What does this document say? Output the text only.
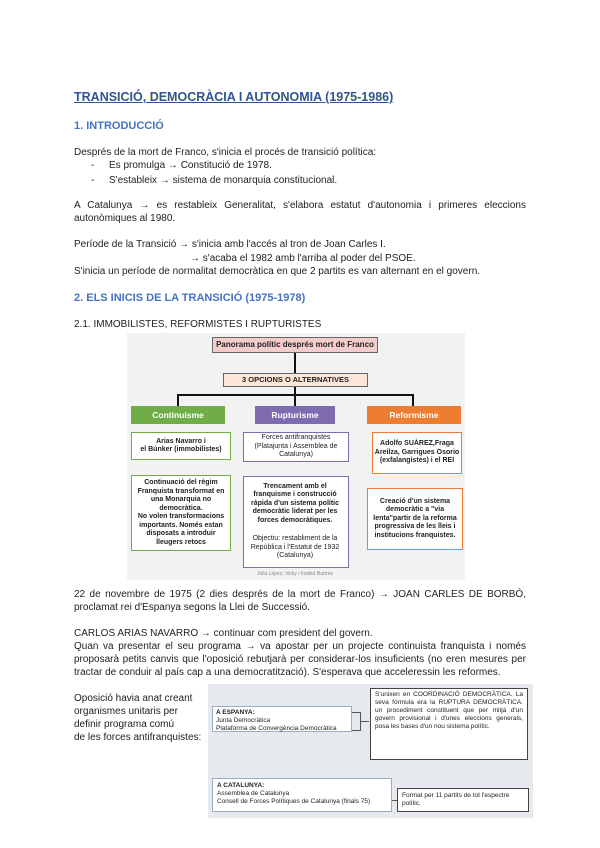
TRANSICIÓ, DEMOCRÀCIA I AUTONOMIA (1975-1986)
1. INTRODUCCIÓ
Després de la mort de Franco, s'inicia el procés de transició política:
- Es promulga → Constitució de 1978.
- S'estableix → sistema de monarquia constitucional.
A Catalunya → es restableix Generalitat, s'elabora estatut d'autonomia i primeres eleccions autonòmiques al 1980.
Període de la Transició → s'inicia amb l'accés al tron de Joan Carles I.
→ s'acaba el 1982 amb l'arriba al poder del PSOE.
S'inicia un període de normalitat democràtica en que 2 partits es van alternant en el govern.
2. ELS INICIS DE LA TRANSICIÓ (1975-1978)
2.1. IMMOBILISTES, REFORMISTES I RUPTURISTES
Panorama polític després mort de Franco
3 OPCIONS O ALTERNATIVES
Continuisme	Rupturisme	Reformisme
Arias Navarro i
el Búnker (immobilistes)
Forces antifranquistes
(Platajunta i Assemblea de Catalunya)
Adolfo SUÀREZ,Fraga Areilza, Garrigues Osorio (exfalangistes) i el REI
Continuació del règim Franquista transformat en una Monarquia no democràtica.
No volen transformacions importants. Només estan disposats a introduir lleugers retocs
Trencament amb el franquisme i construcció ràpida d'un sistema polític democràtic liderat per les forces democràtiques.
Objectiu: restabliment de la República i l'Estatut de 1932 (Catalunya)
Creació d'un sistema democràtic a "via lenta"partir de la reforma progressiva de les lleis i institucions franquistes.
Júlia López, Vicky i Institut Bartrés
22 de novembre de 1975 (2 dies després de la mort de Franco) → JOAN CARLES DE BORBÓ, proclamat rei d'Espanya segons la Llei de Successió.
CARLOS ARIAS NAVARRO → continuar com president del govern.
Quan va presentar el seu programa → va apostar per un projecte continuista franquista i només proposarà petits canvis que l'oposició rebutjarà per considerar-los insuficients (no eren mesures per tractar de conduir al país cap a una democratització). S'esperava que acceleressin les reformes.
Oposició havia anat creant
organismes unitaris per
definir programa comú
de les forces antifranquistes:
A ESPANYA:
Junta Democràtica
Plataforma de Convergència Democràtica
S'unixen en COORDINACIÓ DEMOCRÀTICA. La seva fórmula era la RUPTURA DEMOCRÀTICA: un procediment constituent que per mitjà d'un govern provisional i d'unes eleccions generals, posa les bases d'un nou sistema polític.
A CATALUNYA:
Assemblea de Catalunya
Consell de Forces Polítiques de Catalunya (finals 75)
Format per 11 partits de tot l'espectre polític.
